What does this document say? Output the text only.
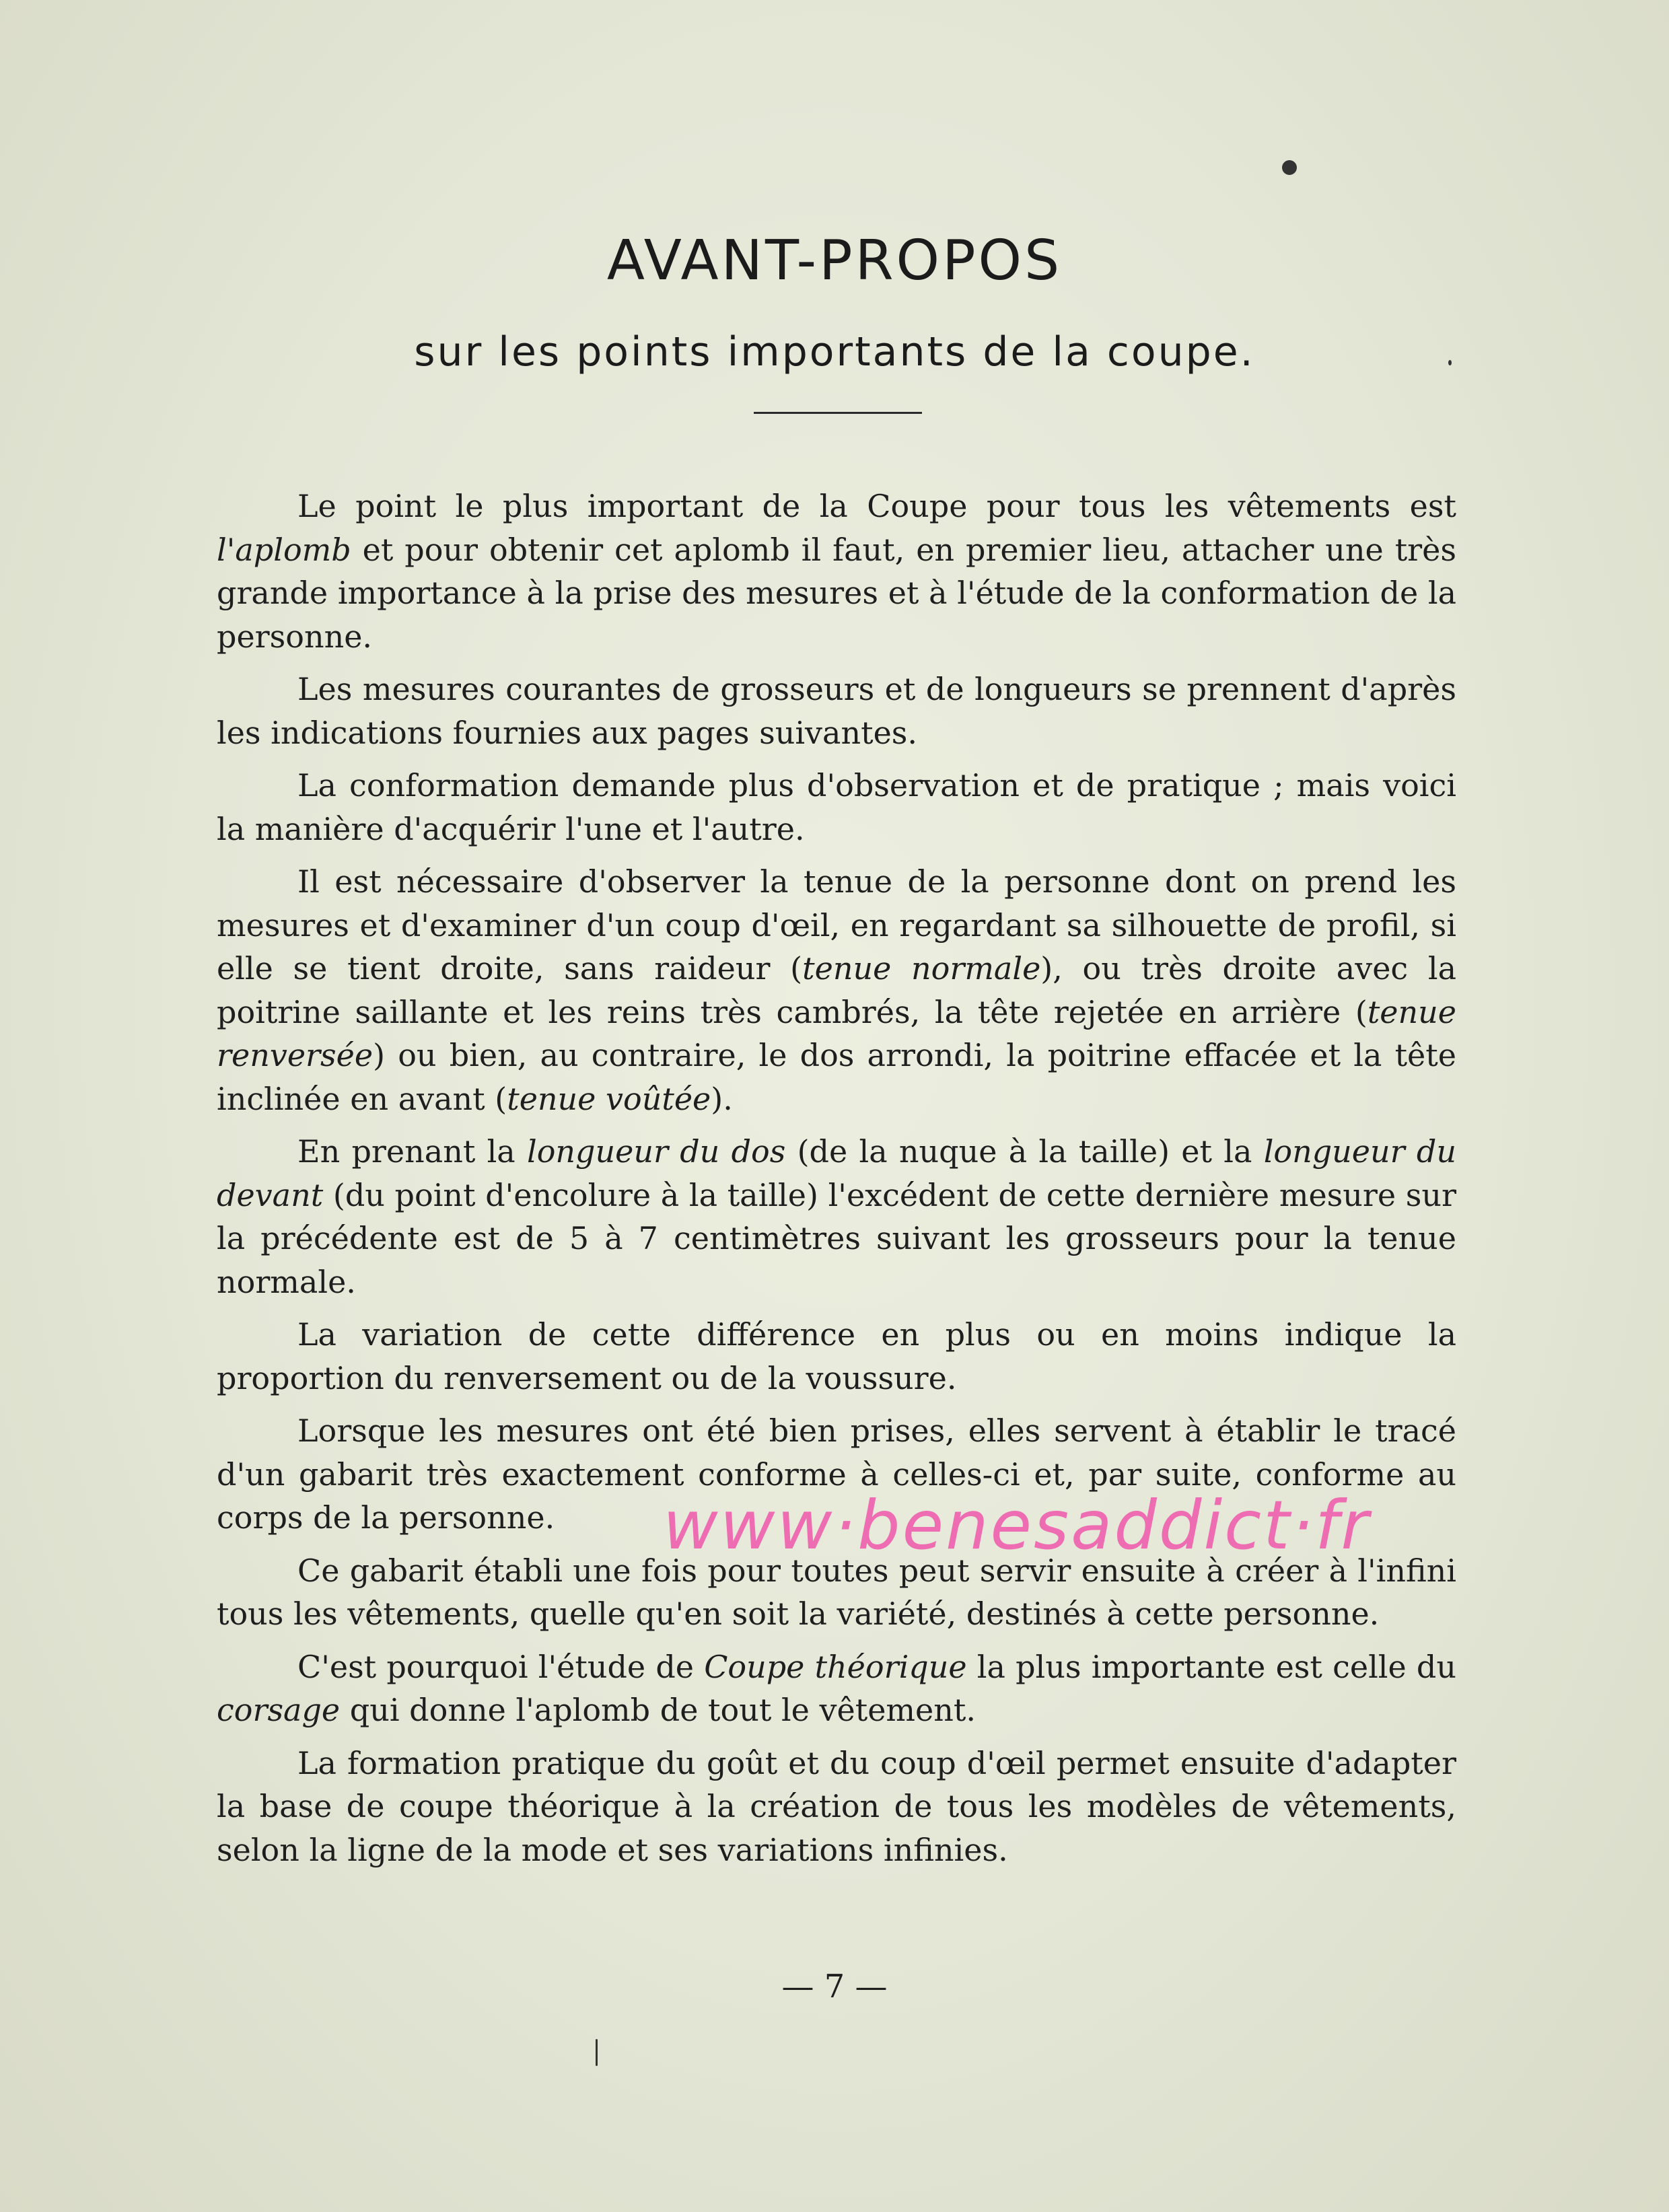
AVANT-PROPOS
sur les points importants de la coupe.

Le point le plus important de la Coupe pour tous les vêtements est l'aplomb et pour obtenir cet aplomb il faut, en premier lieu, attacher une très grande importance à la prise des mesures et à l'étude de la conformation de la personne.

Les mesures courantes de grosseurs et de longueurs se prennent d'après les indications fournies aux pages suivantes.

La conformation demande plus d'observation et de pratique ; mais voici la manière d'acquérir l'une et l'autre.

Il est nécessaire d'observer la tenue de la personne dont on prend les mesures et d'examiner d'un coup d'œil, en regardant sa silhouette de profil, si elle se tient droite, sans raideur (tenue normale), ou très droite avec la poitrine saillante et les reins très cambrés, la tête rejetée en arrière (tenue renversée) ou bien, au contraire, le dos arrondi, la poitrine effacée et la tête inclinée en avant (tenue voûtée).

En prenant la longueur du dos (de la nuque à la taille) et la longueur du devant (du point d'encolure à la taille) l'excédent de cette dernière mesure sur la précédente est de 5 à 7 centimètres suivant les grosseurs pour la tenue normale.

La variation de cette différence en plus ou en moins indique la proportion du renversement ou de la voussure.

Lorsque les mesures ont été bien prises, elles servent à établir le tracé d'un gabarit très exactement conforme à celles-ci et, par suite, conforme au corps de la personne.

Ce gabarit établi une fois pour toutes peut servir ensuite à créer à l'infini tous les vêtements, quelle qu'en soit la variété, destinés à cette personne.

C'est pourquoi l'étude de Coupe théorique la plus importante est celle du corsage qui donne l'aplomb de tout le vêtement.

La formation pratique du goût et du coup d'œil permet ensuite d'adapter la base de coupe théorique à la création de tous les modèles de vêtements, selon la ligne de la mode et ses variations infinies.

www·benesaddict·fr
— 7 —
